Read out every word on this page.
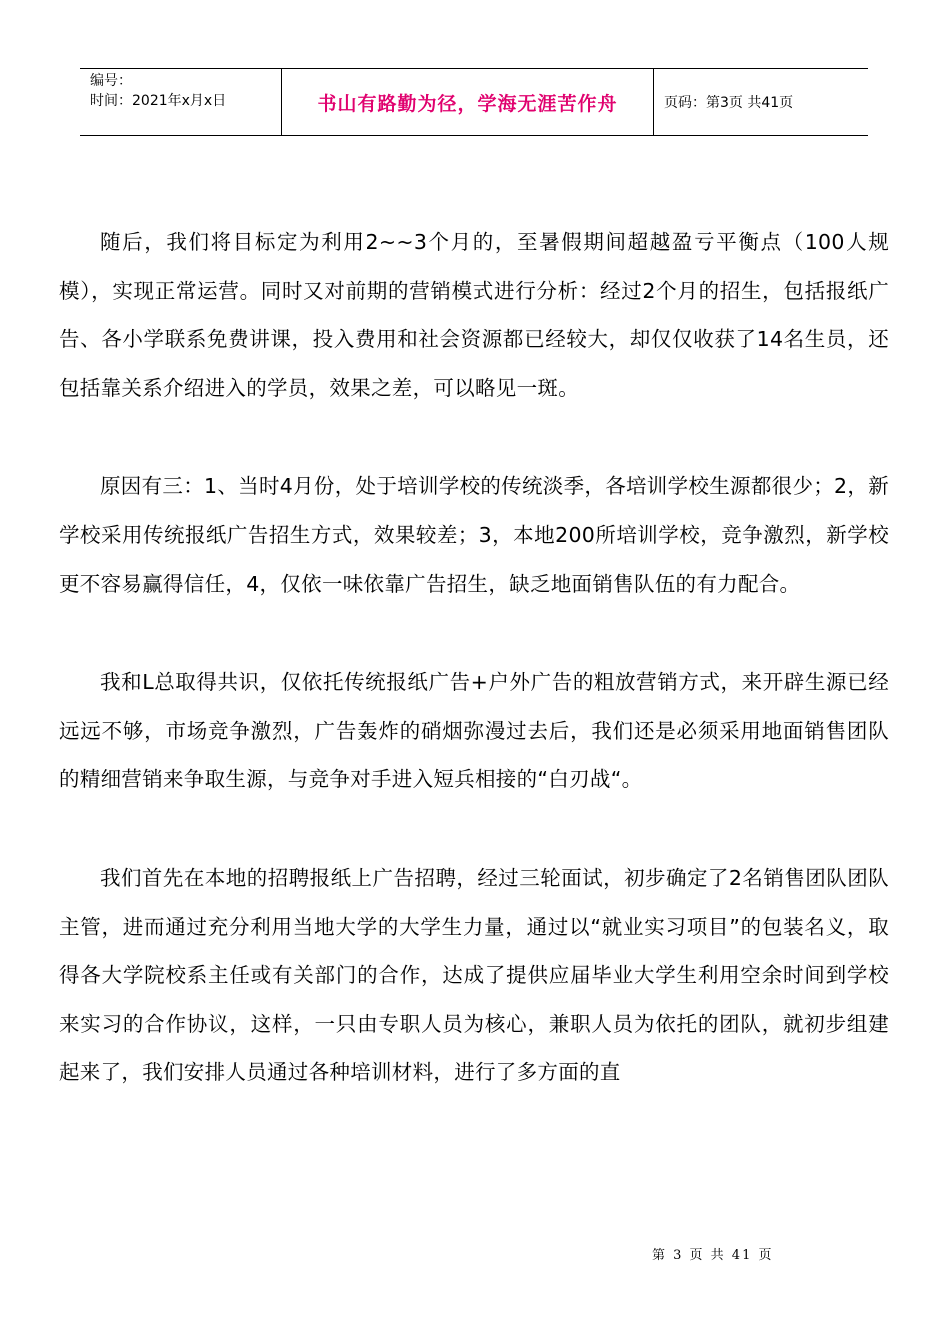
编号：
时间：2021年x月x日	书山有路勤为径，学海无涯苦作舟	页码：第3页 共41页

随后，我们将目标定为利用2~~3个月的，至暑假期间超越盈亏平衡点（100人规模），实现正常运营。同时又对前期的营销模式进行分析：经过2个月的招生，包括报纸广告、各小学联系免费讲课，投入费用和社会资源都已经较大，却仅仅收获了14名生员，还包括靠关系介绍进入的学员，效果之差，可以略见一斑。

原因有三：1、当时4月份，处于培训学校的传统淡季，各培训学校生源都很少；2，新学校采用传统报纸广告招生方式，效果较差；3，本地200所培训学校，竞争激烈，新学校更不容易赢得信任，4，仅依一味依靠广告招生，缺乏地面销售队伍的有力配合。

我和L总取得共识，仅依托传统报纸广告+户外广告的粗放营销方式，来开辟生源已经远远不够，市场竞争激烈，广告轰炸的硝烟弥漫过去后，我们还是必须采用地面销售团队的精细营销来争取生源，与竞争对手进入短兵相接的“白刃战“。

我们首先在本地的招聘报纸上广告招聘，经过三轮面试，初步确定了2名销售团队团队主管，进而通过充分利用当地大学的大学生力量，通过以“就业实习项目”的包装名义，取得各大学院校系主任或有关部门的合作，达成了提供应届毕业大学生利用空余时间到学校来实习的合作协议，这样，一只由专职人员为核心，兼职人员为依托的团队，就初步组建起来了，我们安排人员通过各种培训材料，进行了多方面的直

第 3 页 共 41 页
